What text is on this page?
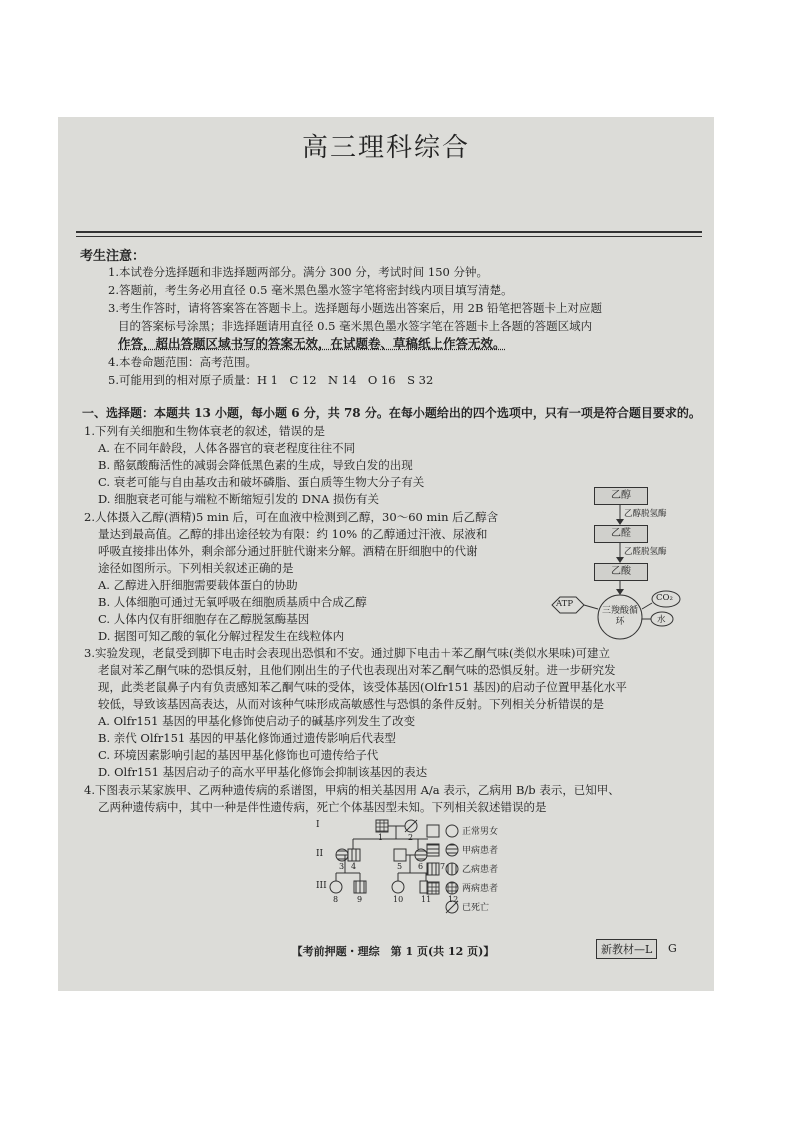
高三理科综合
考生注意：

1.本试卷分选择题和非选择题两部分。满分 300 分，考试时间 150 分钟。

2.答题前，考生务必用直径 0.5 毫米黑色墨水签字笔将密封线内项目填写清楚。

3.考生作答时，请将答案答在答题卡上。选择题每小题选出答案后，用 2B 铅笔把答题卡上对应题

目的答案标号涂黑；非选择题请用直径 0.5 毫米黑色墨水签字笔在答题卡上各题的答题区域内

作答，超出答题区域书写的答案无效，在试题卷、草稿纸上作答无效。

4.本卷命题范围：高考范围。

5.可能用到的相对原子质量：H 1　C 12　N 14　O 16　S 32

一、选择题：本题共 13 小题，每小题 6 分，共 78 分。在每小题给出的四个选项中，只有一项是符合题目要求的。

1.下列有关细胞和生物体衰老的叙述，错误的是

A. 在不同年龄段，人体各器官的衰老程度往往不同

B. 酪氨酸酶活性的减弱会降低黑色素的生成，导致白发的出现

C. 衰老可能与自由基攻击和破坏磷脂、蛋白质等生物大分子有关

D. 细胞衰老可能与端粒不断缩短引发的 DNA 损伤有关

2.人体摄入乙醇(酒精)5 min 后，可在血液中检测到乙醇，30～60 min 后乙醇含

量达到最高值。乙醇的排出途径较为有限：约 10% 的乙醇通过汗液、尿液和

呼吸直接排出体外，剩余部分通过肝脏代谢来分解。酒精在肝细胞中的代谢

途径如图所示。下列相关叙述正确的是

A. 乙醇进入肝细胞需要载体蛋白的协助

B. 人体细胞可通过无氧呼吸在细胞质基质中合成乙醇

C. 人体内仅有肝细胞存在乙醇脱氢酶基因

D. 据图可知乙酸的氧化分解过程发生在线粒体内

乙醇
乙醇脱氢酶
乙醛
乙醛脱氢酶
乙酸
三羧酸循环
ATP
CO₂
水

3.实验发现，老鼠受到脚下电击时会表现出恐惧和不安。通过脚下电击＋苯乙酮气味(类似水果味)可建立

老鼠对苯乙酮气味的恐惧反射，且他们刚出生的子代也表现出对苯乙酮气味的恐惧反射。进一步研究发

现，此类老鼠鼻子内有负责感知苯乙酮气味的受体，该受体基因(Olfr151 基因)的启动子位置甲基化水平

较低，导致该基因高表达，从而对该种气味形成高敏感性与恐惧的条件反射。下列相关分析错误的是

A. Olfr151 基因的甲基化修饰使启动子的碱基序列发生了改变

B. 亲代 Olfr151 基因的甲基化修饰通过遗传影响后代表型

C. 环境因素影响引起的基因甲基化修饰也可遗传给子代

D. Olfr151 基因启动子的高水平甲基化修饰会抑制该基因的表达

4.下图表示某家族甲、乙两种遗传病的系谱图，甲病的相关基因用 A/a 表示，乙病用 B/b 表示，已知甲、

乙两种遗传病中，其中一种是伴性遗传病，死亡个体基因型未知。下列相关叙述错误的是

I
II
III
1	2
3 4	5 6 7
8 9	10 11 12
正常男女
甲病患者
乙病患者
两病患者
已死亡
【考前押题・理综　第 1 页(共 12 页)】	新教材—L	G
